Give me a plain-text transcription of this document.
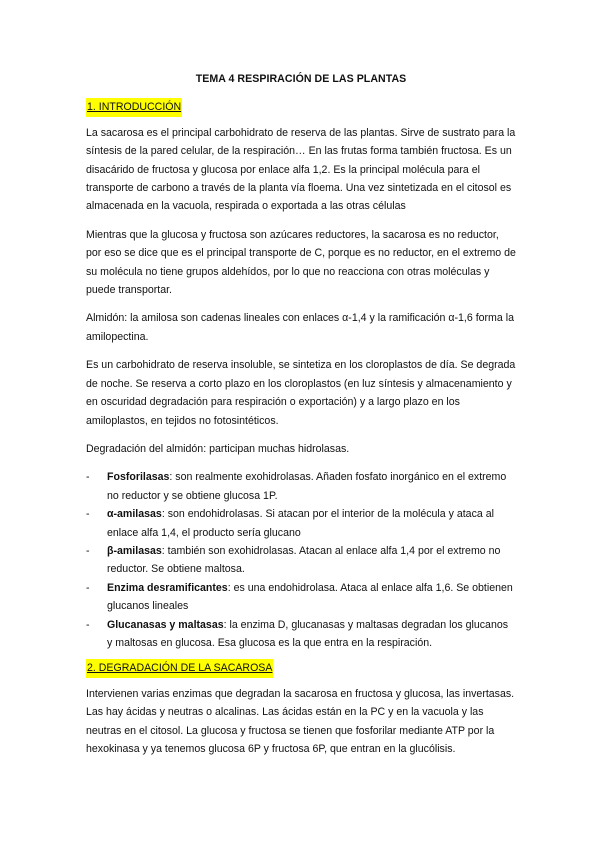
TEMA 4 RESPIRACIÓN DE LAS PLANTAS
1. INTRODUCCIÓN

La sacarosa es el principal carbohidrato de reserva de las plantas. Sirve de sustrato para la síntesis de la pared celular, de la respiración… En las frutas forma también fructosa. Es un disacárido de fructosa y glucosa por enlace alfa 1,2. Es la principal molécula para el transporte de carbono a través de la planta vía floema. Una vez sintetizada en el citosol es almacenada en la vacuola, respirada o exportada a las otras células

Mientras que la glucosa y fructosa son azúcares reductores, la sacarosa es no reductor, por eso se dice que es el principal transporte de C, porque es no reductor, en el extremo de su molécula no tiene grupos aldehídos, por lo que no reacciona con otras moléculas y puede transportar.

Almidón: la amilosa son cadenas lineales con enlaces α-1,4 y la ramificación α-1,6 forma la amilopectina.

Es un carbohidrato de reserva insoluble, se sintetiza en los cloroplastos de día. Se degrada de noche. Se reserva a corto plazo en los cloroplastos (en luz síntesis y almacenamiento y en oscuridad degradación para respiración o exportación) y a largo plazo en los amiloplastos, en tejidos no fotosintéticos.

Degradación del almidón: participan muchas hidrolasas.

-	Fosforilasas: son realmente exohidrolasas. Añaden fosfato inorgánico en el extremo no reductor y se obtiene glucosa 1P.
-	α-amilasas: son endohidrolasas. Si atacan por el interior de la molécula y ataca al enlace alfa 1,4, el producto sería glucano
-	β-amilasas: también son exohidrolasas. Atacan al enlace alfa 1,4 por el extremo no reductor. Se obtiene maltosa.
-	Enzima desramificantes: es una endohidrolasa. Ataca al enlace alfa 1,6. Se obtienen glucanos lineales
-	Glucanasas y maltasas: la enzima D, glucanasas y maltasas degradan los glucanos y maltosas en glucosa. Esa glucosa es la que entra en la respiración.
2. DEGRADACIÓN DE LA SACAROSA

Intervienen varias enzimas que degradan la sacarosa en fructosa y glucosa, las invertasas. Las hay ácidas y neutras o alcalinas. Las ácidas están en la PC y en la vacuola y las neutras en el citosol. La glucosa y fructosa se tienen que fosforilar mediante ATP por la hexokinasa y ya tenemos glucosa 6P y fructosa 6P, que entran en la glucólisis.
